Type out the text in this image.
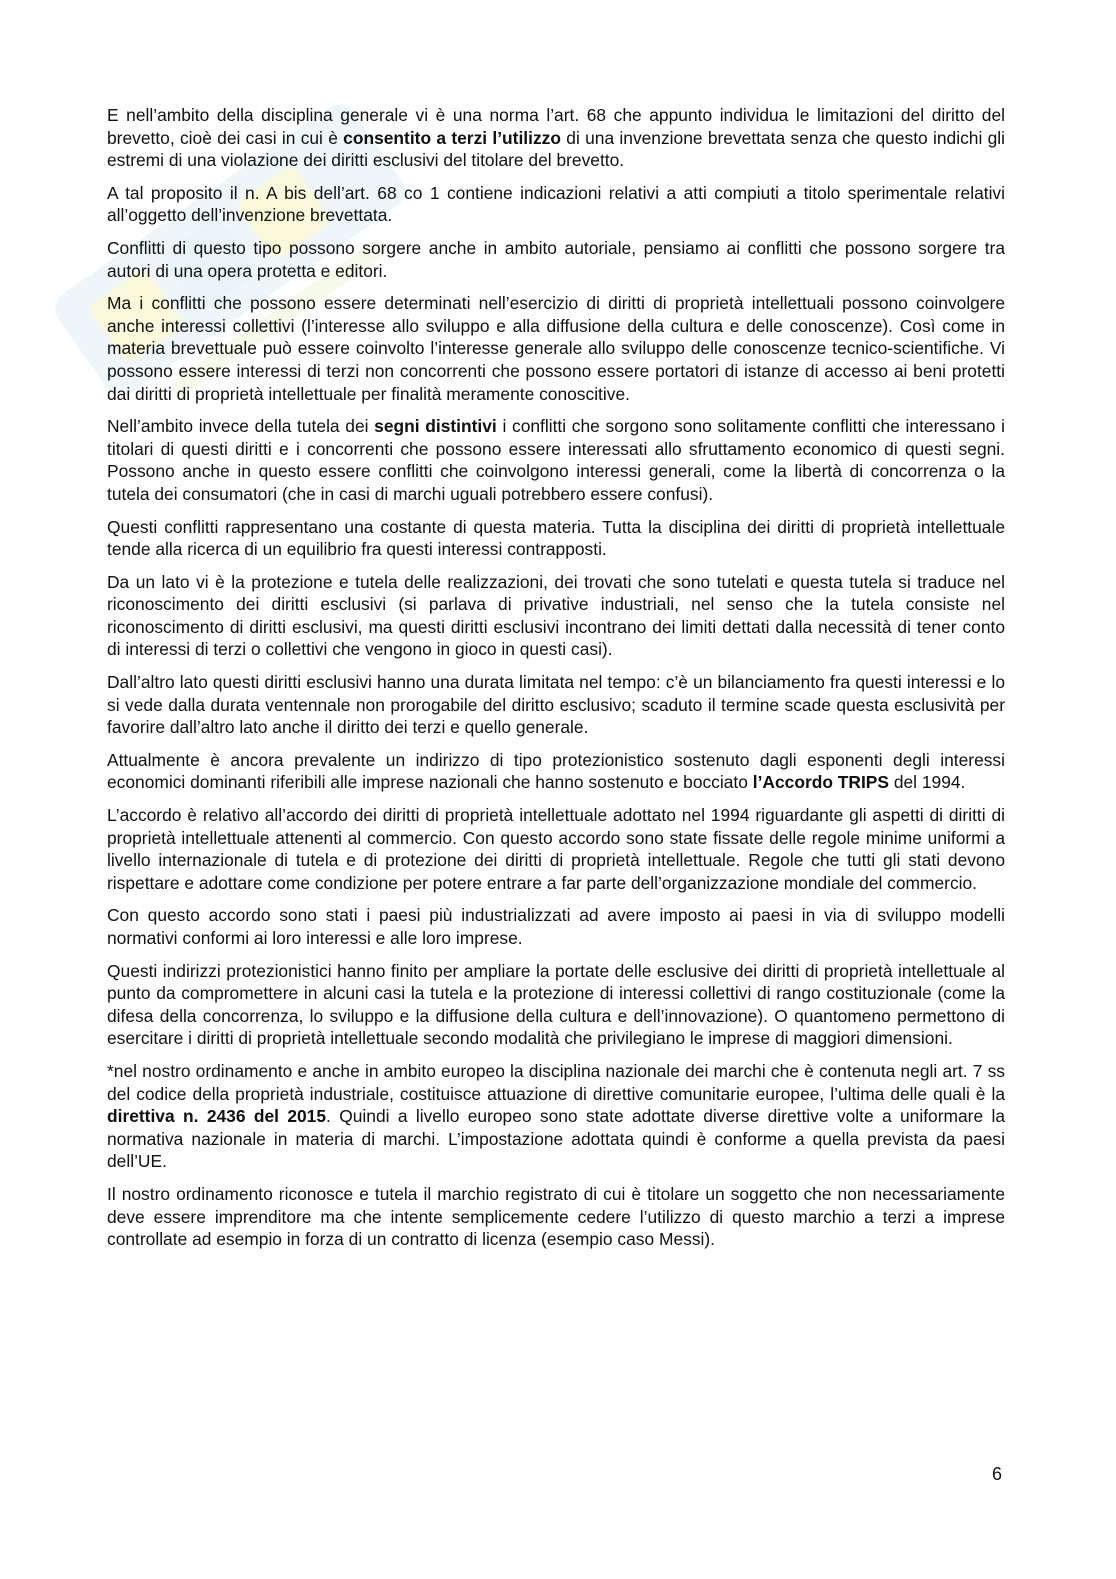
E nell’ambito della disciplina generale vi è una norma l’art. 68 che appunto individua le limitazioni del diritto del brevetto, cioè dei casi in cui è consentito a terzi l’utilizzo di una invenzione brevettata senza che questo indichi gli estremi di una violazione dei diritti esclusivi del titolare del brevetto.

A tal proposito il n. A bis dell’art. 68 co 1 contiene indicazioni relativi a atti compiuti a titolo sperimentale relativi all’oggetto dell’invenzione brevettata.

Conflitti di questo tipo possono sorgere anche in ambito autoriale, pensiamo ai conflitti che possono sorgere tra autori di una opera protetta e editori.

Ma i conflitti che possono essere determinati nell’esercizio di diritti di proprietà intellettuali possono coinvolgere anche interessi collettivi (l’interesse allo sviluppo e alla diffusione della cultura e delle conoscenze). Così come in materia brevettuale può essere coinvolto l’interesse generale allo sviluppo delle conoscenze tecnico-scientifiche. Vi possono essere interessi di terzi non concorrenti che possono essere portatori di istanze di accesso ai beni protetti dai diritti di proprietà intellettuale per finalità meramente conoscitive.

Nell’ambito invece della tutela dei segni distintivi i conflitti che sorgono sono solitamente conflitti che interessano i titolari di questi diritti e i concorrenti che possono essere interessati allo sfruttamento economico di questi segni. Possono anche in questo essere conflitti che coinvolgono interessi generali, come la libertà di concorrenza o la tutela dei consumatori (che in casi di marchi uguali potrebbero essere confusi).

Questi conflitti rappresentano una costante di questa materia. Tutta la disciplina dei diritti di proprietà intellettuale tende alla ricerca di un equilibrio fra questi interessi contrapposti.

Da un lato vi è la protezione e tutela delle realizzazioni, dei trovati che sono tutelati e questa tutela si traduce nel riconoscimento dei diritti esclusivi (si parlava di privative industriali, nel senso che la tutela consiste nel riconoscimento di diritti esclusivi, ma questi diritti esclusivi incontrano dei limiti dettati dalla necessità di tener conto di interessi di terzi o collettivi che vengono in gioco in questi casi).

Dall’altro lato questi diritti esclusivi hanno una durata limitata nel tempo: c’è un bilanciamento fra questi interessi e lo si vede dalla durata ventennale non prorogabile del diritto esclusivo; scaduto il termine scade questa esclusività per favorire dall’altro lato anche il diritto dei terzi e quello generale.

Attualmente è ancora prevalente un indirizzo di tipo protezionistico sostenuto dagli esponenti degli interessi economici dominanti riferibili alle imprese nazionali che hanno sostenuto e bocciato l’Accordo TRIPS del 1994.

L’accordo è relativo all’accordo dei diritti di proprietà intellettuale adottato nel 1994 riguardante gli aspetti di diritti di proprietà intellettuale attenenti al commercio. Con questo accordo sono state fissate delle regole minime uniformi a livello internazionale di tutela e di protezione dei diritti di proprietà intellettuale. Regole che tutti gli stati devono rispettare e adottare come condizione per potere entrare a far parte dell’organizzazione mondiale del commercio.

Con questo accordo sono stati i paesi più industrializzati ad avere imposto ai paesi in via di sviluppo modelli normativi conformi ai loro interessi e alle loro imprese.

Questi indirizzi protezionistici hanno finito per ampliare la portate delle esclusive dei diritti di proprietà intellettuale al punto da compromettere in alcuni casi la tutela e la protezione di interessi collettivi di rango costituzionale (come la difesa della concorrenza, lo sviluppo e la diffusione della cultura e dell’innovazione). O quantomeno permettono di esercitare i diritti di proprietà intellettuale secondo modalità che privilegiano le imprese di maggiori dimensioni.

*nel nostro ordinamento e anche in ambito europeo la disciplina nazionale dei marchi che è contenuta negli art. 7 ss del codice della proprietà industriale, costituisce attuazione di direttive comunitarie europee, l’ultima delle quali è la direttiva n. 2436 del 2015. Quindi a livello europeo sono state adottate diverse direttive volte a uniformare la normativa nazionale in materia di marchi. L’impostazione adottata quindi è conforme a quella prevista da paesi dell’UE.

Il nostro ordinamento riconosce e tutela il marchio registrato di cui è titolare un soggetto che non necessariamente deve essere imprenditore ma che intente semplicemente cedere l’utilizzo di questo marchio a terzi a imprese controllate ad esempio in forza di un contratto di licenza (esempio caso Messi).

6
